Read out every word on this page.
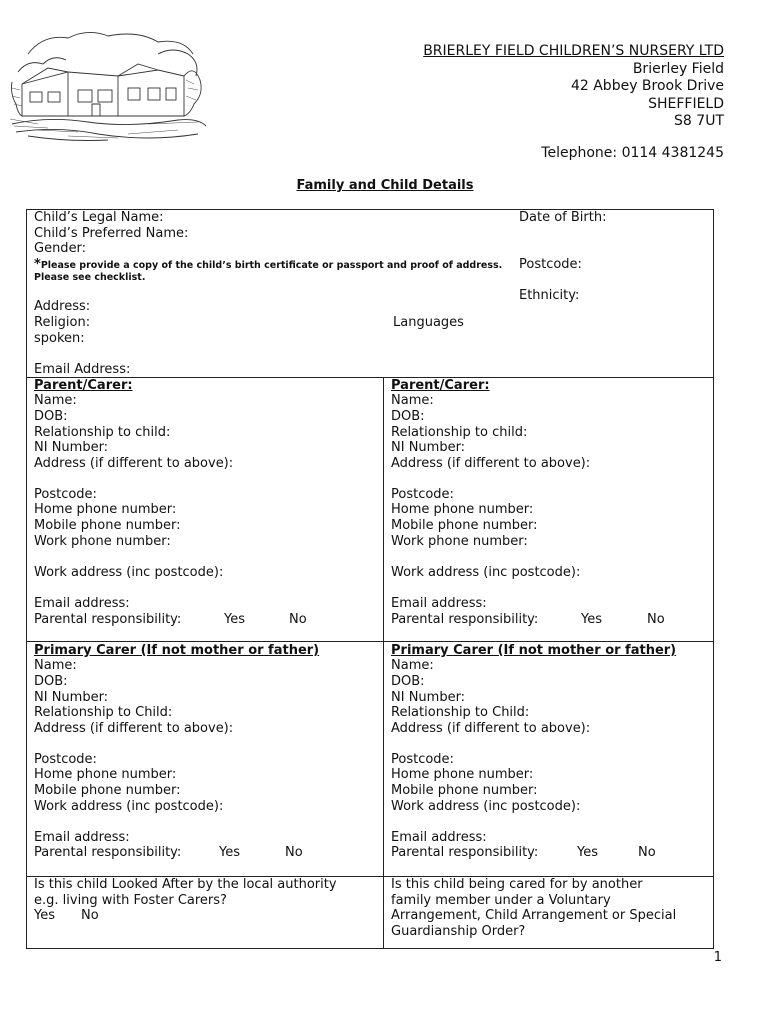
BRIERLEY FIELD CHILDREN’S NURSERY LTD
Brierley Field
42 Abbey Brook Drive
SHEFFIELD
S8 7UT
Telephone: 0114 4381245
Family and Child Details
Child’s Legal Name:
Child’s Preferred Name:
Gender:
*Please provide a copy of the child’s birth certificate or passport and proof of address. Please see checklist.
Date of Birth:
Postcode:
Ethnicity:
Address:
Religion:	Languages
spoken:
Email Address:
Parent/Carer:
Name:
DOB:
Relationship to child:
NI Number:
Address (if different to above):
Postcode:
Home phone number:
Mobile phone number:
Work phone number:
Work address (inc postcode):
Email address:
Parental responsibility:	Yes	No
Parent/Carer:
Name:
DOB:
Relationship to child:
NI Number:
Address (if different to above):
Postcode:
Home phone number:
Mobile phone number:
Work phone number:
Work address (inc postcode):
Email address:
Parental responsibility:	Yes	No
Primary Carer (If not mother or father)
Name:
DOB:
NI Number:
Relationship to Child:
Address (if different to above):
Postcode:
Home phone number:
Mobile phone number:
Work address (inc postcode):
Email address:
Parental responsibility:	Yes	No
Primary Carer (If not mother or father)
Name:
DOB:
NI Number:
Relationship to Child:
Address (if different to above):
Postcode:
Home phone number:
Mobile phone number:
Work address (inc postcode):
Email address:
Parental responsibility:	Yes	No
Is this child Looked After by the local authority
e.g. living with Foster Carers?
Yes No
Is this child being cared for by another
family member under a Voluntary
Arrangement, Child Arrangement or Special
Guardianship Order?
1
